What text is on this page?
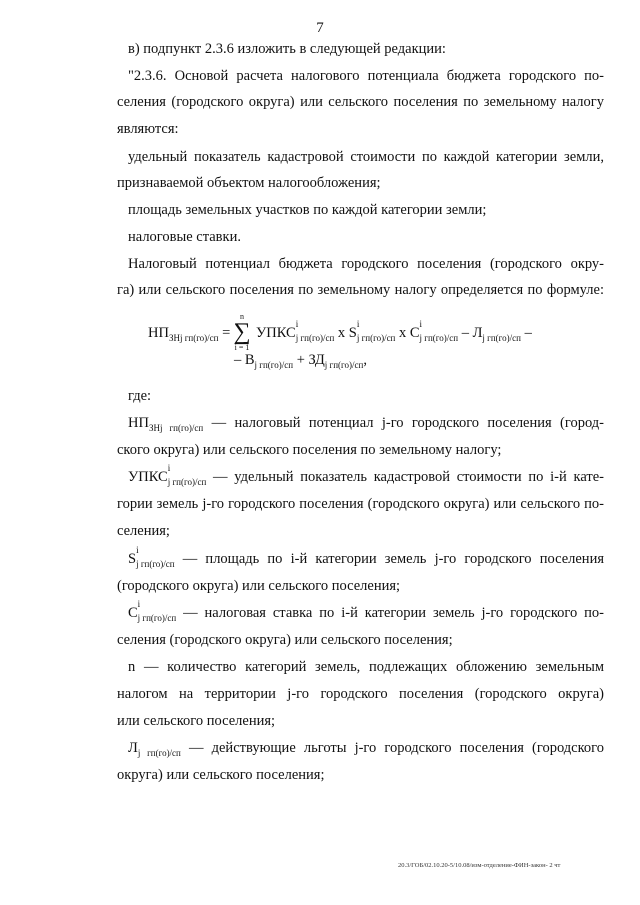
7
в) подпункт 2.3.6 изложить в следующей редакции:
"2.3.6. Основой расчета налогового потенциала бюджета городского по-
селения (городского округа) или сельского поселения по земельному налогу
являются:
удельный показатель кадастровой стоимости по каждой категории земли,
признаваемой объектом налогообложения;
площадь земельных участков по каждой категории земли;
налоговые ставки.
Налоговый потенциал бюджета городского поселения (городского окру-
га) или сельского поселения по земельному налогу определяется по формуле:
$НП_{ЗНj гп(го)/сп}$ =
n
∑
i = 1
УПКС
i
$_{j гп(го)/сп}$ x S
i
$_{j гп(го)/сп}$ x C
i
$_{j гп(го)/сп} - Л_{j гп(го)/сп}$ –
– $В_{j гп(го)/сп} + ЗД_{j гп(го)/сп}$,
где:
$НП_{ЗНj гп(го)/сп}$ — налоговый потенциал j-го городского поселения (город-
ского округа) или сельского поселения по земельному налогу;
УПКС
i
$_{j гп(го)/сп}$ — удельный показатель кадастровой стоимости по i-й кате-
гории земель j-го городского поселения (городского округа) или сельского по-
селения;
S
i
$_{j гп(го)/сп}$ — площадь по i-й категории земель j-го городского поселения
(городского округа) или сельского поселения;
C
i
$_{j гп(го)/сп}$ — налоговая ставка по i-й категории земель j-го городского по-
селения (городского округа) или сельского поселения;
n — количество категорий земель, подлежащих обложению земельным
налогом на территории j-го городского поселения (городского округа)
или сельского поселения;
$Л_{j гп(го)/сп}$ — действующие льготы j-го городского поселения (городского
округа) или сельского поселения;
20.3/ГОБ/02.10.20-5/10.08/изм-отделение-ФИН-закон- 2 чт
